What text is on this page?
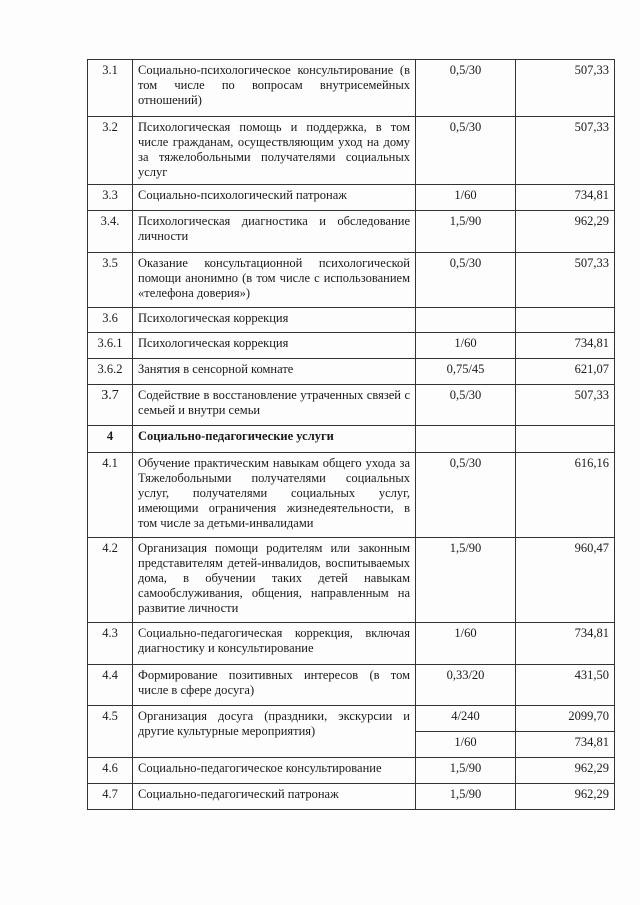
3.1	Социально-психологическое консультирование (в том числе по вопросам внутрисемейных отношений)	0,5/30	507,33
3.2	Психологическая помощь и поддержка, в том числе гражданам, осуществляющим уход на дому за тяжелобольными получателями социальных услуг	0,5/30	507,33
3.3	Социально-психологический патронаж	1/60	734,81
3.4.	Психологическая диагностика и обследование личности	1,5/90	962,29
3.5	Оказание консультационной психологической помощи анонимно (в том числе с использованием «телефона доверия»)	0,5/30	507,33
3.6	Психологическая коррекция		
3.6.1	Психологическая коррекция	1/60	734,81
3.6.2	Занятия в сенсорной комнате	0,75/45	621,07
3.7	Содействие в восстановление утраченных связей с семьей и внутри семьи	0,5/30	507,33
4	Социально-педагогические услуги		
4.1	Обучение практическим навыкам общего ухода за Тяжелобольными получателями социальных услуг, получателями социальных услуг, имеющими ограничения жизнедеятельности, в том числе за детьми-инвалидами	0,5/30	616,16
4.2	Организация помощи родителям или законным представителям детей-инвалидов, воспитываемых дома, в обучении таких детей навыкам самообслуживания, общения, направленным на развитие личности	1,5/90	960,47
4.3	Социально-педагогическая коррекция, включая диагностику и консультирование	1/60	734,81
4.4	Формирование позитивных интересов (в том числе в сфере досуга)	0,33/20	431,50
4.5	Организация досуга (праздники, экскурсии и другие культурные мероприятия)	4/240	2099,70
		1/60	734,81
4.6	Социально-педагогическое консультирование	1,5/90	962,29
4.7	Социально-педагогический патронаж	1,5/90	962,29
